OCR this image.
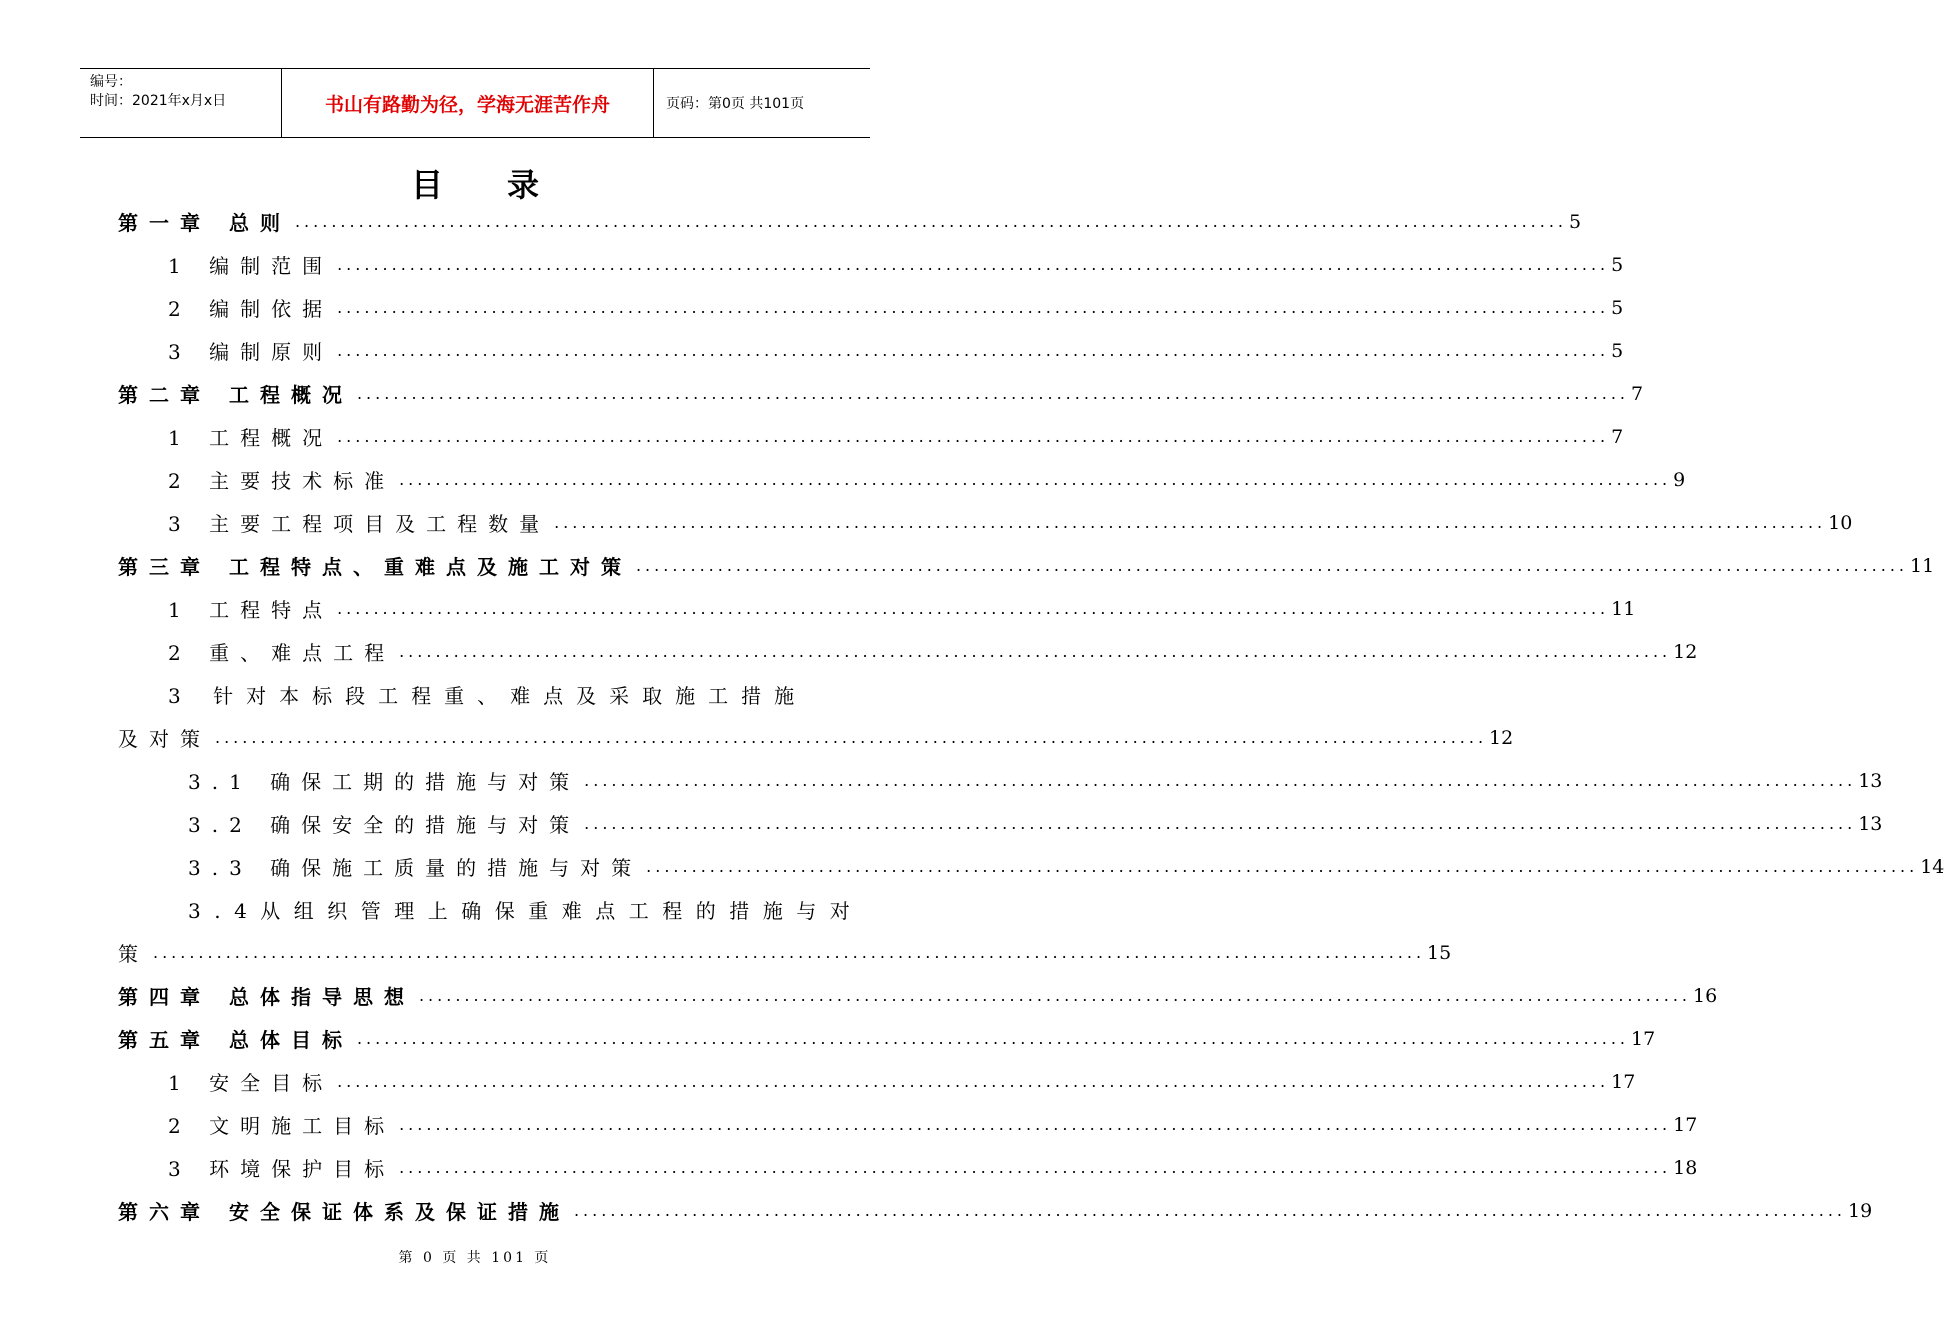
编号：
时间：2021年x月x日	书山有路勤为径，学海无涯苦作舟	页码：第0页 共101页
目录
第一章 总则 ............................................................................................................................................ 5
1 编制范围 ............................................................................................................................................ 5
2 编制依据 ............................................................................................................................................ 5
3 编制原则 ............................................................................................................................................ 5
第二章 工程概况 ............................................................................................................................................ 7
1 工程概况 ............................................................................................................................................ 7
2 主要技术标准 ............................................................................................................................................ 9
3 主要工程项目及工程数量 ............................................................................................................................................ 10
第三章 工程特点、重难点及施工对策 ............................................................................................................................................ 11
1 工程特点 ............................................................................................................................................ 11
2 重、难点工程 ............................................................................................................................................ 12
3 针对本标段工程重、难点及采取施工措施
及对策 ............................................................................................................................................ 12
3.1 确保工期的措施与对策 ............................................................................................................................................ 13
3.2 确保安全的措施与对策 ............................................................................................................................................ 13
3.3 确保施工质量的措施与对策 ............................................................................................................................................ 14
3.4从组织管理上确保重难点工程的措施与对
策 ............................................................................................................................................ 15
第四章 总体指导思想 ............................................................................................................................................ 16
第五章 总体目标 ............................................................................................................................................ 17
1 安全目标 ............................................................................................................................................ 17
2 文明施工目标 ............................................................................................................................................ 17
3 环境保护目标 ............................................................................................................................................ 18
第六章 安全保证体系及保证措施 ............................................................................................................................................ 19
第 0 页 共 101 页
